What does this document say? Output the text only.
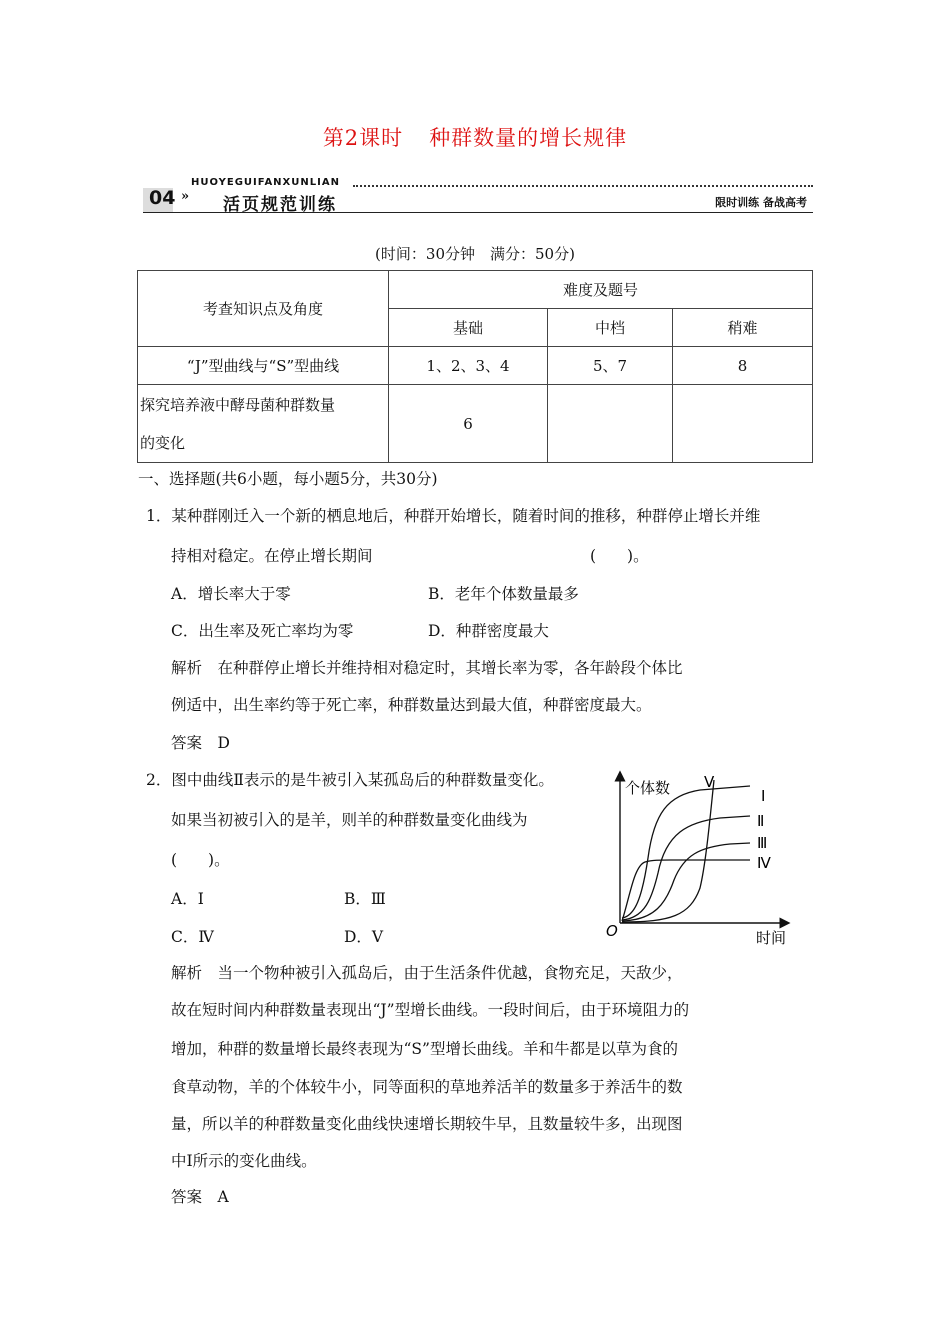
第2课时 种群数量的增长规律
HUOYEGUIFANXUNLIAN
04 » 活页规范训练	限时训练 备战高考
(时间：30分钟　满分：50分)
考查知识点及角度	难度及题号		
	基础	中档	稍难
“J”型曲线与“S”型曲线	1、2、3、4	5、7	8
探究培养液中酵母菌种群数量
的变化	6		
一、选择题(共6小题，每小题5分，共30分)
1．某种群刚迁入一个新的栖息地后，种群开始增长，随着时间的推移，种群停止增长并维
持相对稳定。在停止增长期间	(　　)。
A．增长率大于零	B．老年个体数量最多
C．出生率及死亡率均为零	D．种群密度最大
解析　在种群停止增长并维持相对稳定时，其增长率为零，各年龄段个体比
例适中，出生率约等于死亡率，种群数量达到最大值，种群密度最大。
答案　D
2．图中曲线Ⅱ表示的是牛被引入某孤岛后的种群数量变化。
如果当初被引入的是羊，则羊的种群数量变化曲线为
(　　)。
A．Ⅰ	B．Ⅲ
C．Ⅳ	D．Ⅴ
个体数
时间
O
Ⅰ
Ⅱ
Ⅲ
Ⅳ
V
解析　当一个物种被引入孤岛后，由于生活条件优越，食物充足，天敌少，
故在短时间内种群数量表现出“J”型增长曲线。一段时间后，由于环境阻力的
增加，种群的数量增长最终表现为“S”型增长曲线。羊和牛都是以草为食的
食草动物，羊的个体较牛小，同等面积的草地养活羊的数量多于养活牛的数
量，所以羊的种群数量变化曲线快速增长期较牛早，且数量较牛多，出现图
中Ⅰ所示的变化曲线。
答案　A
